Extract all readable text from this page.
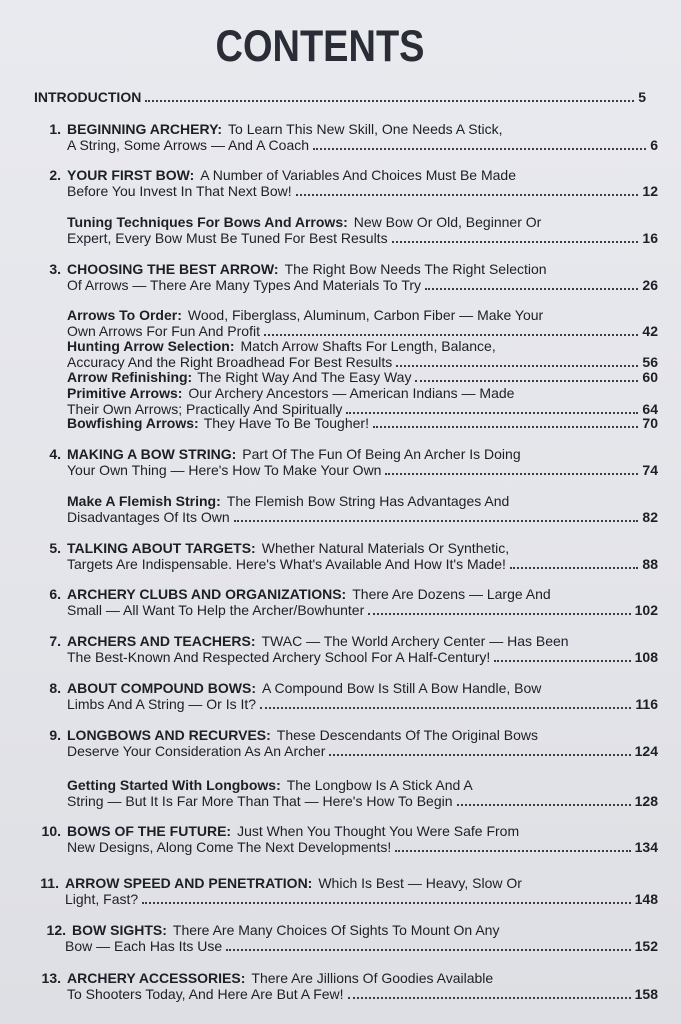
CONTENTS
INTRODUCTION	5
1. BEGINNING ARCHERY: To Learn This New Skill, One Needs A Stick,
A String, Some Arrows — And A Coach	6
2. YOUR FIRST BOW: A Number of Variables And Choices Must Be Made
Before You Invest In That Next Bow!	12
Tuning Techniques For Bows And Arrows: New Bow Or Old, Beginner Or
Expert, Every Bow Must Be Tuned For Best Results	16
3. CHOOSING THE BEST ARROW: The Right Bow Needs The Right Selection
Of Arrows — There Are Many Types And Materials To Try	26
Arrows To Order: Wood, Fiberglass, Aluminum, Carbon Fiber — Make Your
Own Arrows For Fun And Profit	42
Hunting Arrow Selection: Match Arrow Shafts For Length, Balance,
Accuracy And the Right Broadhead For Best Results	56
Arrow Refinishing: The Right Way And The Easy Way	60
Primitive Arrows: Our Archery Ancestors — American Indians — Made
Their Own Arrows; Practically And Spiritually	64
Bowfishing Arrows: They Have To Be Tougher!	70
4. MAKING A BOW STRING: Part Of The Fun Of Being An Archer Is Doing
Your Own Thing — Here's How To Make Your Own	74
Make A Flemish String: The Flemish Bow String Has Advantages And
Disadvantages Of Its Own	82
5. TALKING ABOUT TARGETS: Whether Natural Materials Or Synthetic,
Targets Are Indispensable. Here's What's Available And How It's Made!	88
6. ARCHERY CLUBS AND ORGANIZATIONS: There Are Dozens — Large And
Small — All Want To Help the Archer/Bowhunter	102
7. ARCHERS AND TEACHERS: TWAC — The World Archery Center — Has Been
The Best-Known And Respected Archery School For A Half-Century!	108
8. ABOUT COMPOUND BOWS: A Compound Bow Is Still A Bow Handle, Bow
Limbs And A String — Or Is It?	116
9. LONGBOWS AND RECURVES: These Descendants Of The Original Bows
Deserve Your Consideration As An Archer	124
Getting Started With Longbows: The Longbow Is A Stick And A
String — But It Is Far More Than That — Here's How To Begin	128
10. BOWS OF THE FUTURE: Just When You Thought You Were Safe From
New Designs, Along Come The Next Developments!	134
11. ARROW SPEED AND PENETRATION: Which Is Best — Heavy, Slow Or
Light, Fast?	148
12. BOW SIGHTS: There Are Many Choices Of Sights To Mount On Any
Bow — Each Has Its Use	152
13. ARCHERY ACCESSORIES: There Are Jillions Of Goodies Available
To Shooters Today, And Here Are But A Few!	158
